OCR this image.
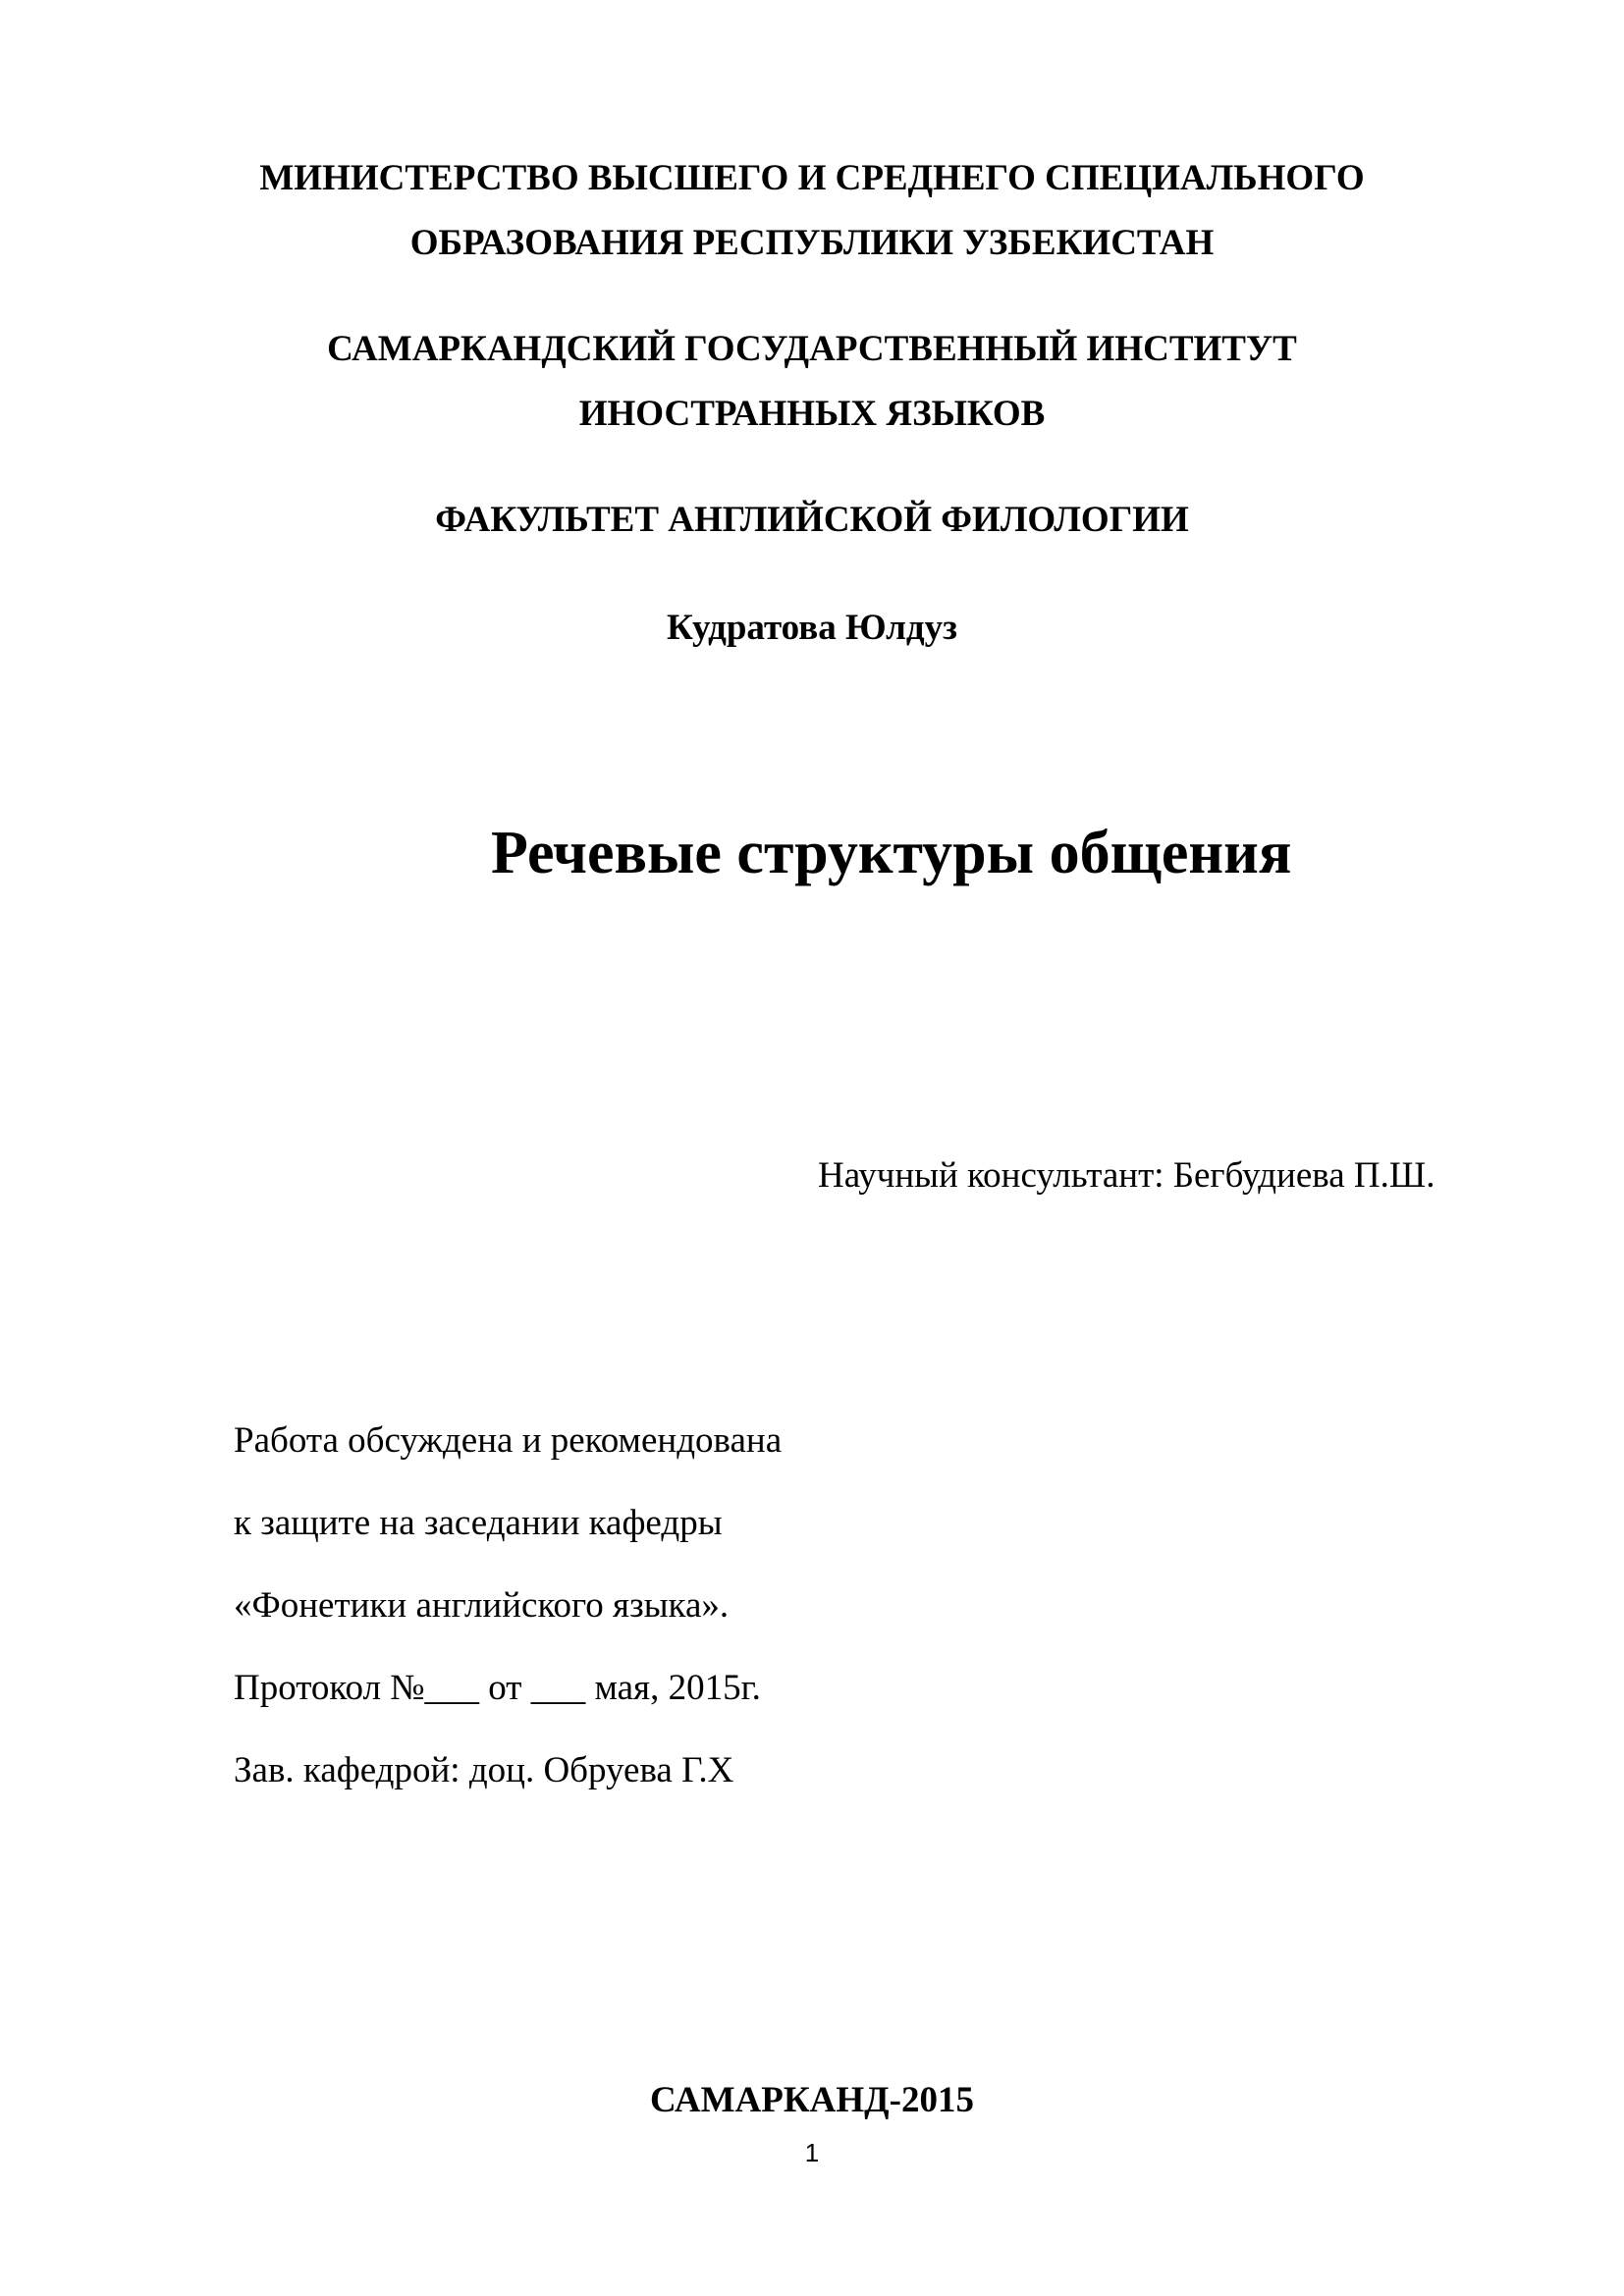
МИНИСТЕРСТВО ВЫСШЕГО И СРЕДНЕГО СПЕЦИАЛЬНОГО

ОБРАЗОВАНИЯ РЕСПУБЛИКИ УЗБЕКИСТАН

САМАРКАНДСКИЙ ГОСУДАРСТВЕННЫЙ ИНСТИТУТ

ИНОСТРАННЫХ ЯЗЫКОВ

ФАКУЛЬТЕТ АНГЛИЙСКОЙ ФИЛОЛОГИИ

Кудратова Юлдуз

Речевые структуры общения

Научный консультант: Бегбудиева П.Ш.

Работа обсуждена и рекомендована

к защите на заседании кафедры

«Фонетики английского языка».

Протокол №___ от ___ мая, 2015г.

Зав. кафедрой: доц. Обруева Г.Х

САМАРКАНД-2015

1
